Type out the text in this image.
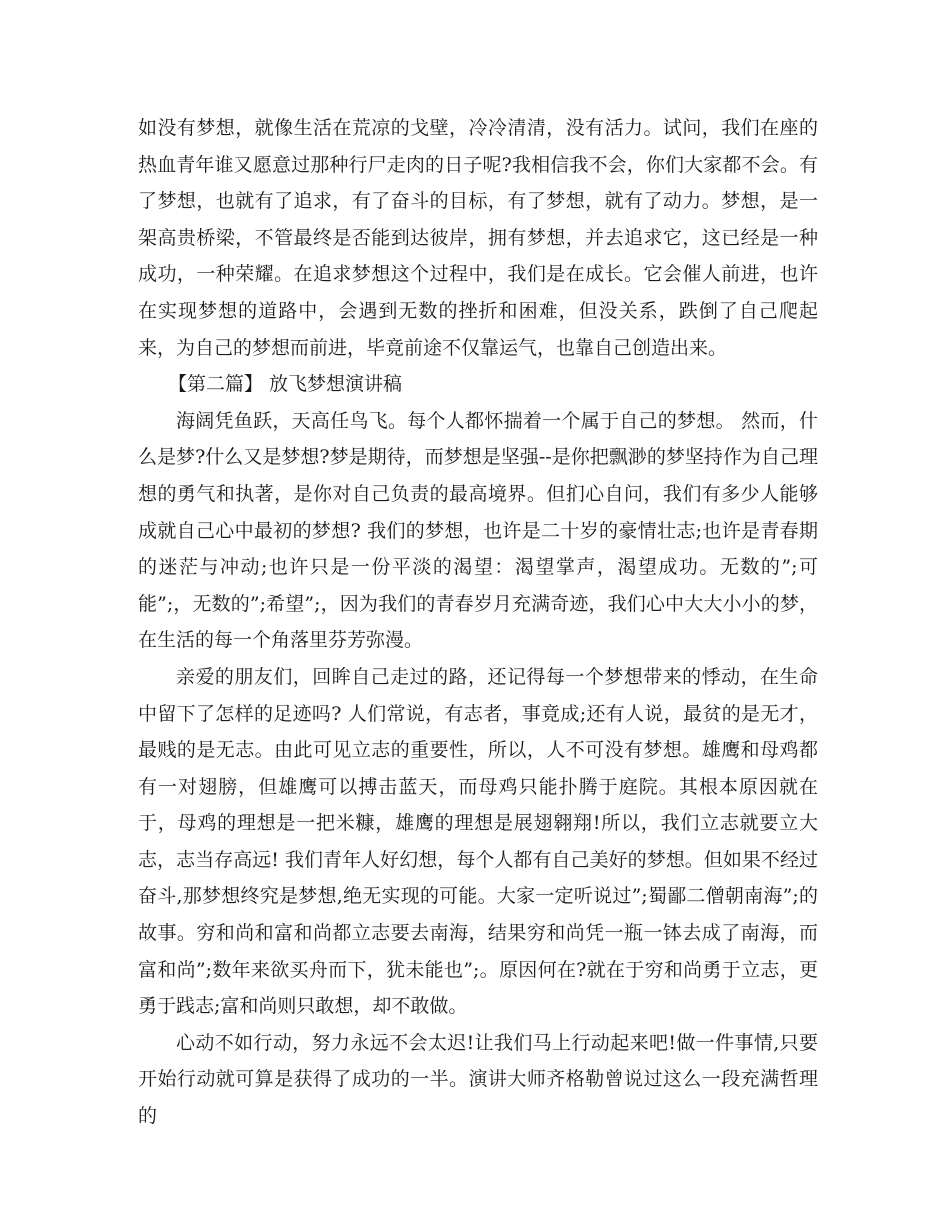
如没有梦想，就像生活在荒凉的戈壁，冷冷清清，没有活力。试问，我们在座的热血青年谁又愿意过那种行尸走肉的日子呢?我相信我不会，你们大家都不会。有了梦想，也就有了追求，有了奋斗的目标，有了梦想，就有了动力。梦想，是一架高贵桥梁，不管最终是否能到达彼岸，拥有梦想，并去追求它，这已经是一种成功，一种荣耀。在追求梦想这个过程中，我们是在成长。它会催人前进，也许在实现梦想的道路中，会遇到无数的挫折和困难，但没关系，跌倒了自己爬起来，为自己的梦想而前进，毕竟前途不仅靠运气，也靠自己创造出来。

【第二篇】 放飞梦想演讲稿

海阔凭鱼跃，天高任鸟飞。每个人都怀揣着一个属于自己的梦想。 然而，什么是梦?什么又是梦想?梦是期待，而梦想是坚强--是你把飘渺的梦坚持作为自己理想的勇气和执著，是你对自己负责的最高境界。但扪心自问，我们有多少人能够成就自己心中最初的梦想? 我们的梦想，也许是二十岁的豪情壮志;也许是青春期的迷茫与冲动;也许只是一份平淡的渴望：渴望掌声，渴望成功。无数的”;可能”;，无数的”;希望”;，因为我们的青春岁月充满奇迹，我们心中大大小小的梦，在生活的每一个角落里芬芳弥漫。

亲爱的朋友们，回眸自己走过的路，还记得每一个梦想带来的悸动，在生命中留下了怎样的足迹吗? 人们常说，有志者，事竟成;还有人说，最贫的是无才，最贱的是无志。由此可见立志的重要性，所以，人不可没有梦想。雄鹰和母鸡都有一对翅膀，但雄鹰可以搏击蓝天，而母鸡只能扑腾于庭院。其根本原因就在于，母鸡的理想是一把米糠，雄鹰的理想是展翅翱翔!所以，我们立志就要立大志，志当存高远! 我们青年人好幻想，每个人都有自己美好的梦想。但如果不经过奋斗,那梦想终究是梦想,绝无实现的可能。大家一定听说过”;蜀鄙二僧朝南海”;的故事。穷和尚和富和尚都立志要去南海，结果穷和尚凭一瓶一钵去成了南海，而富和尚”;数年来欲买舟而下，犹未能也”;。原因何在?就在于穷和尚勇于立志，更勇于践志;富和尚则只敢想，却不敢做。

心动不如行动，努力永远不会太迟!让我们马上行动起来吧!做一件事情,只要开始行动就可算是获得了成功的一半。演讲大师齐格勒曾说过这么一段充满哲理的
